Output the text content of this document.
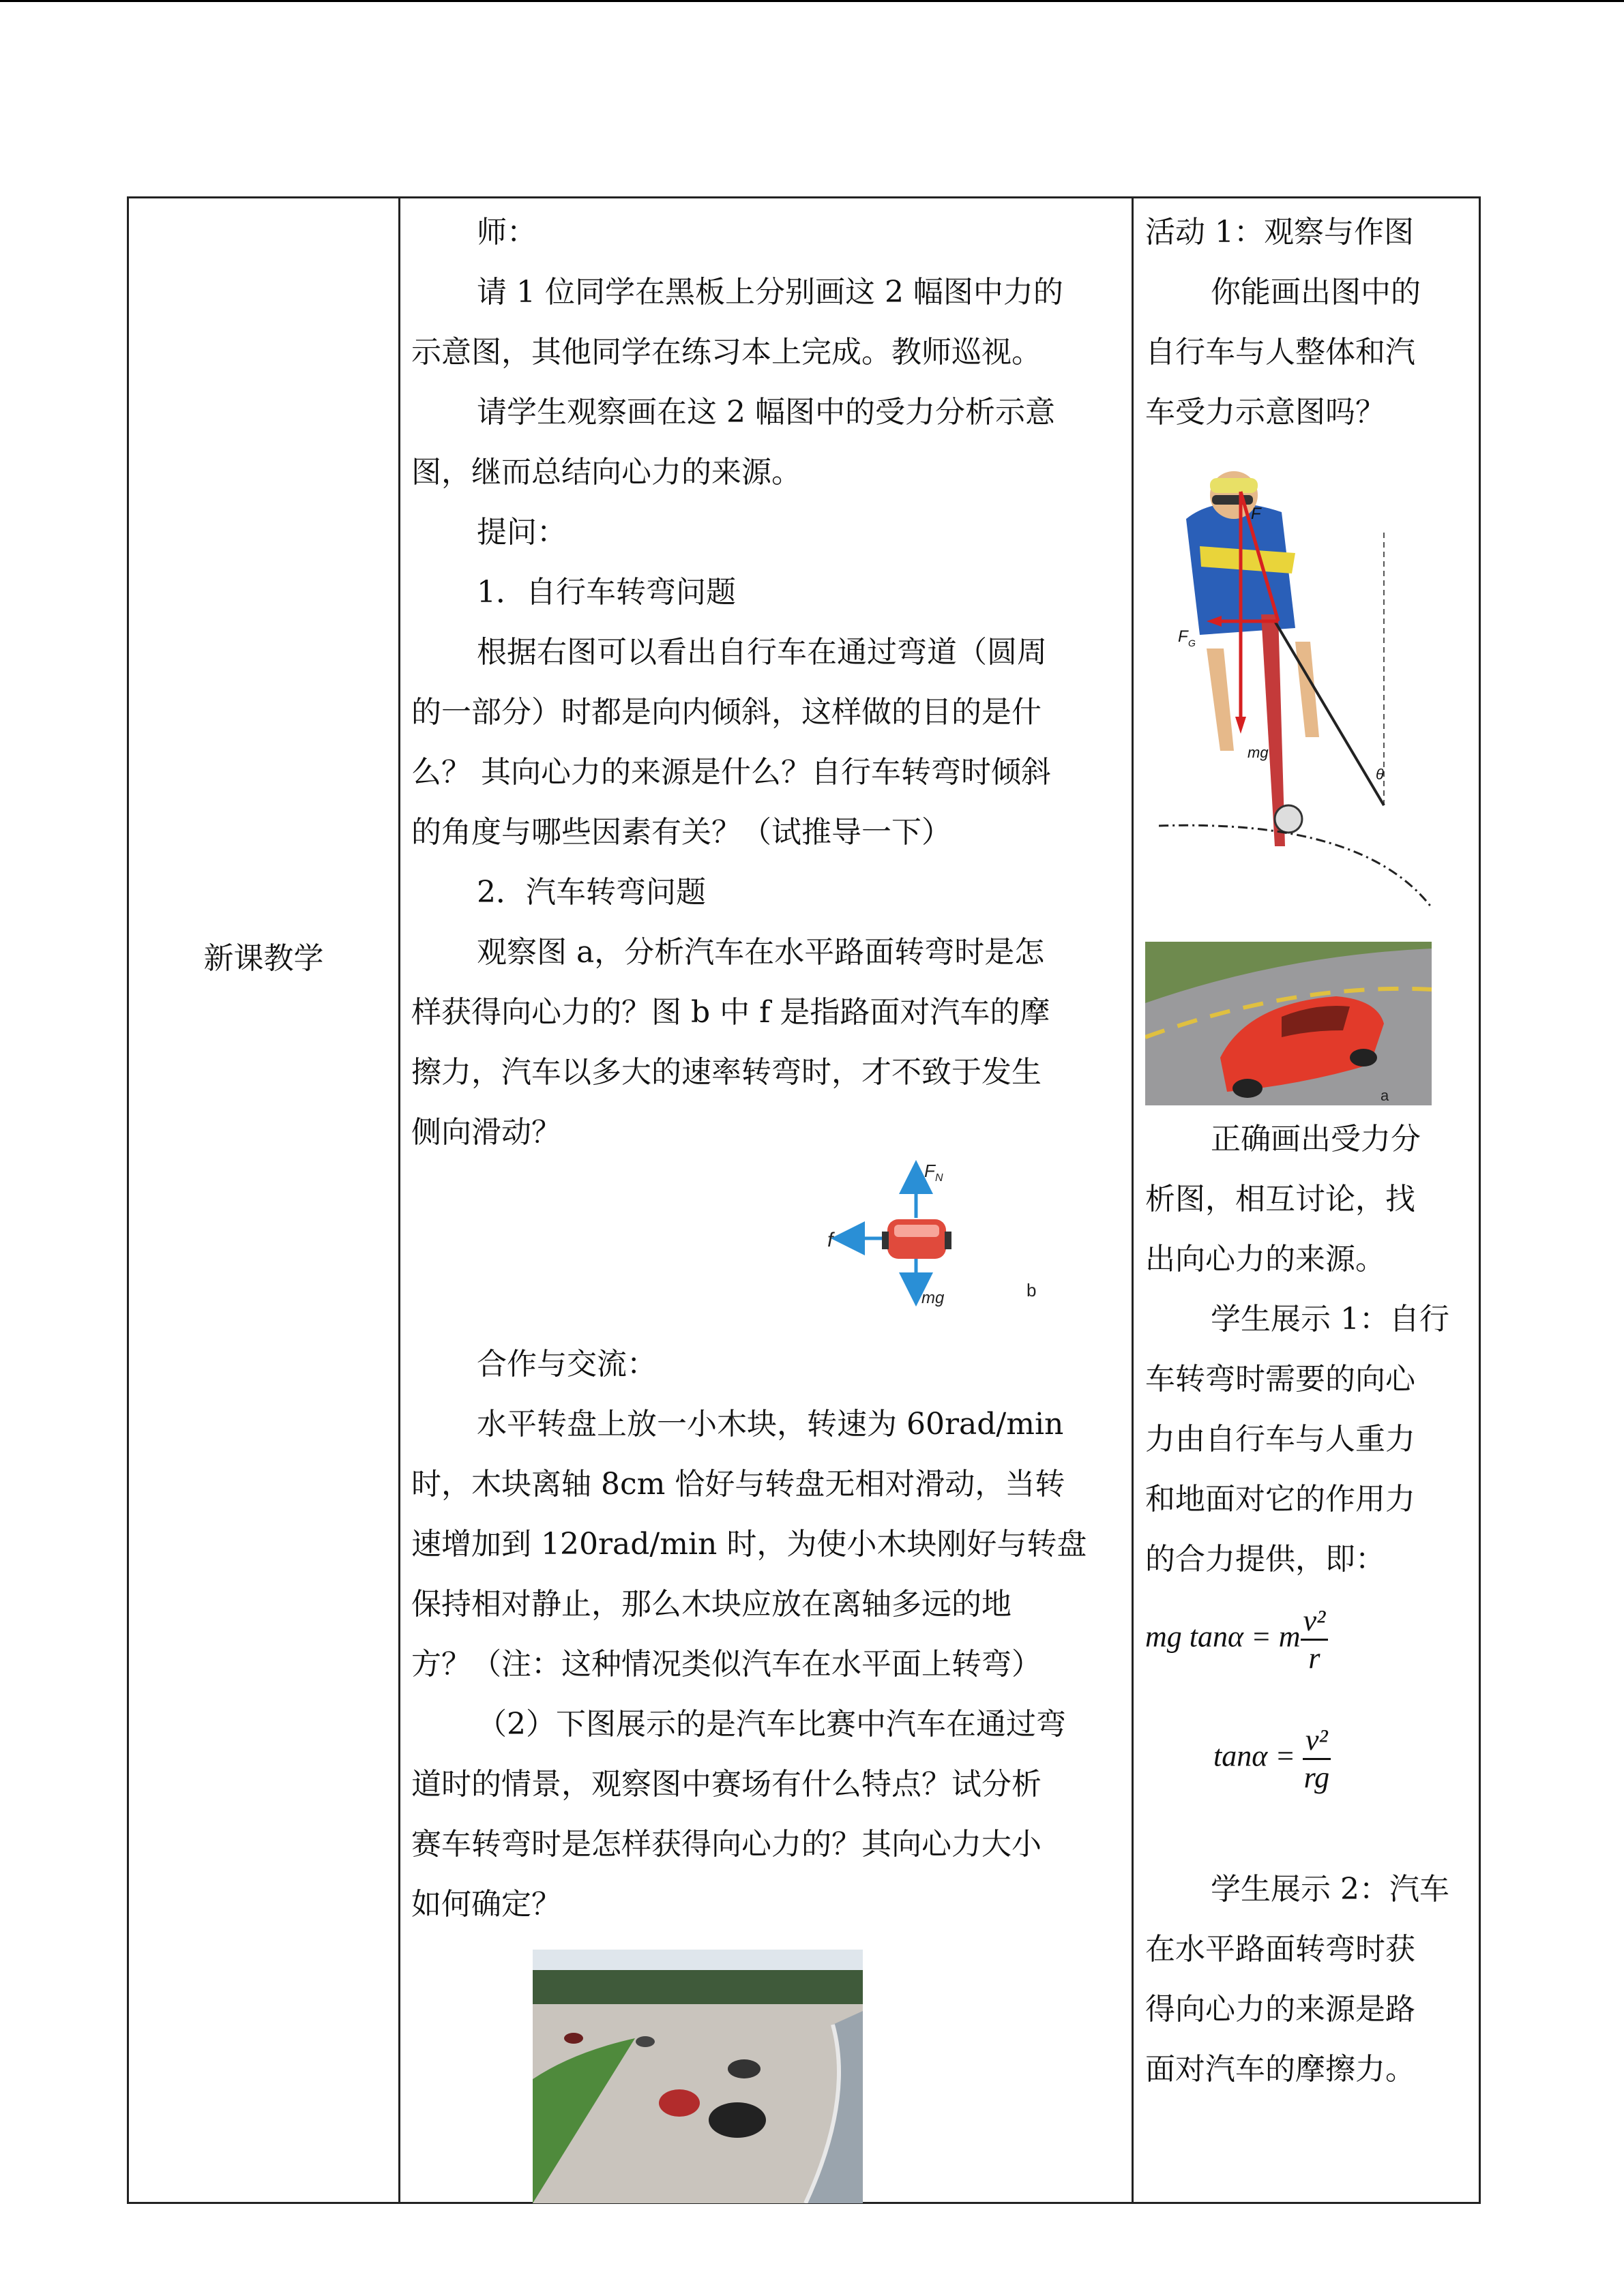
新课教学
师：
请 1 位同学在黑板上分别画这 2 幅图中力的
示意图，其他同学在练习本上完成。教师巡视。
请学生观察画在这 2 幅图中的受力分析示意
图，继而总结向心力的来源。
提问：
1．自行车转弯问题
根据右图可以看出自行车在通过弯道（圆周
的一部分）时都是向内倾斜，这样做的目的是什
么？ 其向心力的来源是什么？自行车转弯时倾斜
的角度与哪些因素有关？（试推导一下）
2．汽车转弯问题
观察图 a，分析汽车在水平路面转弯时是怎
样获得向心力的？图 b 中 f 是指路面对汽车的摩
擦力，汽车以多大的速率转弯时，才不致于发生
侧向滑动？
F N
f
mg	b
合作与交流：
水平转盘上放一小木块，转速为 60rad/min
时，木块离轴 8cm 恰好与转盘无相对滑动，当转
速增加到 120rad/min 时，为使小木块刚好与转盘
保持相对静止，那么木块应放在离轴多远的地
方？（注：这种情况类似汽车在水平面上转弯）
（2）下图展示的是汽车比赛中汽车在通过弯
道时的情景，观察图中赛场有什么特点？试分析
赛车转弯时是怎样获得向心力的？其向心力大小
如何确定？
活动 1：观察与作图
你能画出图中的
自行车与人整体和汽
车受力示意图吗？
F
F G
mg
θ
a
正确画出受力分
析图，相互讨论，找
出向心力的来源。
学生展示 1：自行
车转弯时需要的向心
力由自行车与人重力
和地面对它的作用力
的合力提供，即：
mg tanα = m $\frac{\text{v²}}{r}$
$\tan\alpha = \frac{\text{v²}}{rg}$
学生展示 2：汽车
在水平路面转弯时获
得向心力的来源是路
面对汽车的摩擦力。
